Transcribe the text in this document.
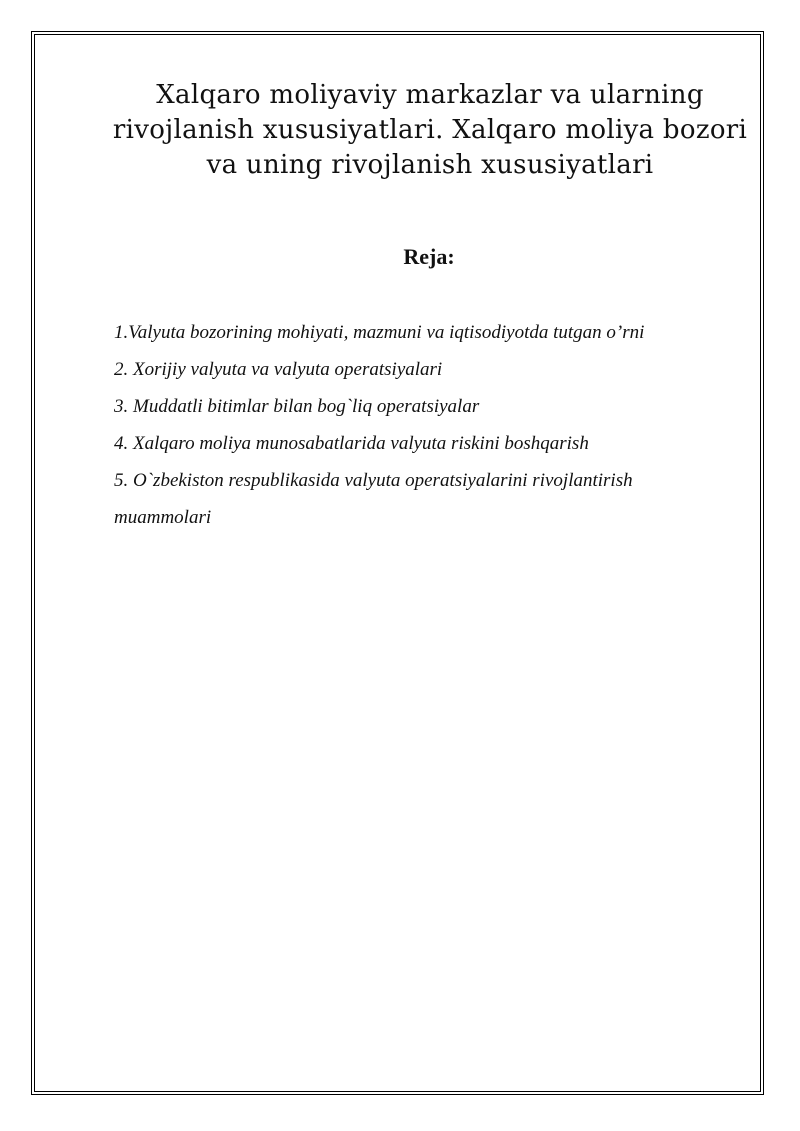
Xalqaro moliyaviy markazlar va ularning
rivojlanish xususiyatlari. Xalqaro moliya bozori
va uning rivojlanish xususiyatlari
Reja:
1.Valyuta bozorining mohiyati, mazmuni va iqtisodiyotda tutgan o’rni
2. Xorijiy valyuta va valyuta operatsiyalari
3. Muddatli bitimlar bilan bog`liq operatsiyalar
4. Xalqaro moliya munosabatlarida valyuta riskini boshqarish
5. O`zbekiston respublikasida valyuta operatsiyalarini rivojlantirish
muammolari
